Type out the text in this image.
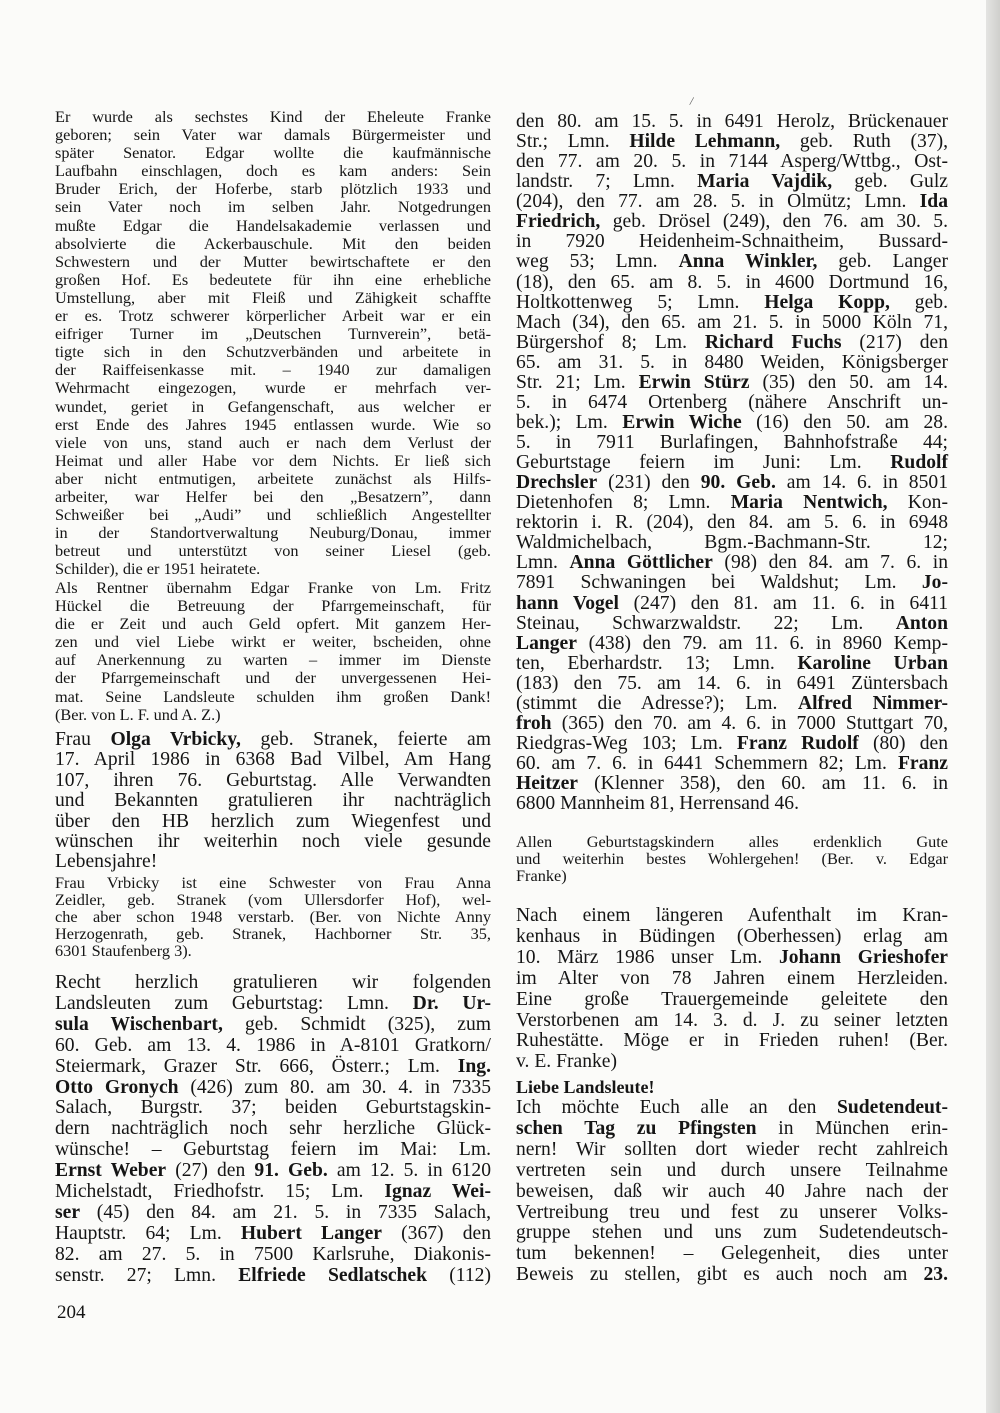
/
Er wurde als sechstes Kind der Eheleute Franke
geboren; sein Vater war damals Bürgermeister und
später Senator. Edgar wollte die kaufmännische
Laufbahn einschlagen, doch es kam anders: Sein
Bruder Erich, der Hoferbe, starb plötzlich 1933 und
sein Vater noch im selben Jahr. Notgedrungen
mußte Edgar die Handelsakademie verlassen und
absolvierte die Ackerbauschule. Mit den beiden
Schwestern und der Mutter bewirtschaftete er den
großen Hof. Es bedeutete für ihn eine erhebliche
Umstellung, aber mit Fleiß und Zähigkeit schaffte
er es. Trotz schwerer körperlicher Arbeit war er ein
eifriger Turner im „Deutschen Turnverein”, betä-
tigte sich in den Schutzverbänden und arbeitete in
der Raiffeisenkasse mit. – 1940 zur damaligen
Wehrmacht eingezogen, wurde er mehrfach ver-
wundet, geriet in Gefangenschaft, aus welcher er
erst Ende des Jahres 1945 entlassen wurde. Wie so
viele von uns, stand auch er nach dem Verlust der
Heimat und aller Habe vor dem Nichts. Er ließ sich
aber nicht entmutigen, arbeitete zunächst als Hilfs-
arbeiter, war Helfer bei den „Besatzern”, dann
Schweißer bei „Audi” und schließlich Angestellter
in der Standortverwaltung Neuburg/Donau, immer
betreut und unterstützt von seiner Liesel (geb.
Schilder), die er 1951 heiratete.
Als Rentner übernahm Edgar Franke von Lm. Fritz
Hückel die Betreuung der Pfarrgemeinschaft, für
die er Zeit und auch Geld opfert. Mit ganzem Her-
zen und viel Liebe wirkt er weiter, bscheiden, ohne
auf Anerkennung zu warten – immer im Dienste
der Pfarrgemeinschaft und der unvergessenen Hei-
mat. Seine Landsleute schulden ihm großen Dank!
(Ber. von L. F. und A. Z.)
Frau Olga Vrbicky, geb. Stranek, feierte am
17. April 1986 in 6368 Bad Vilbel, Am Hang
107, ihren 76. Geburtstag. Alle Verwandten
und Bekannten gratulieren ihr nachträglich
über den HB herzlich zum Wiegenfest und
wünschen ihr weiterhin noch viele gesunde
Lebensjahre!
Frau Vrbicky ist eine Schwester von Frau Anna
Zeidler, geb. Stranek (vom Ullersdorfer Hof), wel-
che aber schon 1948 verstarb. (Ber. von Nichte Anny
Herzogenrath, geb. Stranek, Hachborner Str. 35,
6301 Staufenberg 3).
Recht herzlich gratulieren wir folgenden
Landsleuten zum Geburtstag: Lmn. Dr. Ur-
sula Wischenbart, geb. Schmidt (325), zum
60. Geb. am 13. 4. 1986 in A-8101 Gratkorn/
Steiermark, Grazer Str. 666, Österr.; Lm. Ing.
Otto Gronych (426) zum 80. am 30. 4. in 7335
Salach, Burgstr. 37; beiden Geburtstagskin-
dern nachträglich noch sehr herzliche Glück-
wünsche! – Geburtstag feiern im Mai: Lm.
Ernst Weber (27) den 91. Geb. am 12. 5. in 6120
Michelstadt, Friedhofstr. 15; Lm. Ignaz Wei-
ser (45) den 84. am 21. 5. in 7335 Salach,
Hauptstr. 64; Lm. Hubert Langer (367) den
82. am 27. 5. in 7500 Karlsruhe, Diakonis-
senstr. 27; Lmn. Elfriede Sedlatschek (112)
204
den 80. am 15. 5. in 6491 Herolz, Brückenauer
Str.; Lmn. Hilde Lehmann, geb. Ruth (37),
den 77. am 20. 5. in 7144 Asperg/Wttbg., Ost-
landstr. 7; Lmn. Maria Vajdik, geb. Gulz
(204), den 77. am 28. 5. in Olmütz; Lmn. Ida
Friedrich, geb. Drösel (249), den 76. am 30. 5.
in 7920 Heidenheim-Schnaitheim, Bussard-
weg 53; Lmn. Anna Winkler, geb. Langer
(18), den 65. am 8. 5. in 4600 Dortmund 16,
Holtkottenweg 5; Lmn. Helga Kopp, geb.
Mach (34), den 65. am 21. 5. in 5000 Köln 71,
Bürgershof 8; Lm. Richard Fuchs (217) den
65. am 31. 5. in 8480 Weiden, Königsberger
Str. 21; Lm. Erwin Stürz (35) den 50. am 14.
5. in 6474 Ortenberg (nähere Anschrift un-
bek.); Lm. Erwin Wiche (16) den 50. am 28.
5. in 7911 Burlafingen, Bahnhofstraße 44;
Geburtstage feiern im Juni: Lm. Rudolf
Drechsler (231) den 90. Geb. am 14. 6. in 8501
Dietenhofen 8; Lmn. Maria Nentwich, Kon-
rektorin i. R. (204), den 84. am 5. 6. in 6948
Waldmichelbach, Bgm.-Bachmann-Str. 12;
Lmn. Anna Göttlicher (98) den 84. am 7. 6. in
7891 Schwaningen bei Waldshut; Lm. Jo-
hann Vogel (247) den 81. am 11. 6. in 6411
Steinau, Schwarzwaldstr. 22; Lm. Anton
Langer (438) den 79. am 11. 6. in 8960 Kemp-
ten, Eberhardstr. 13; Lmn. Karoline Urban
(183) den 75. am 14. 6. in 6491 Züntersbach
(stimmt die Adresse?); Lm. Alfred Nimmer-
froh (365) den 70. am 4. 6. in 7000 Stuttgart 70,
Riedgras-Weg 103; Lm. Franz Rudolf (80) den
60. am 7. 6. in 6441 Schemmern 82; Lm. Franz
Heitzer (Klenner 358), den 60. am 11. 6. in
6800 Mannheim 81, Herrensand 46.
Allen Geburtstagskindern alles erdenklich Gute
und weiterhin bestes Wohlergehen! (Ber. v. Edgar
Franke)
Nach einem längeren Aufenthalt im Kran-
kenhaus in Büdingen (Oberhessen) erlag am
10. März 1986 unser Lm. Johann Grieshofer
im Alter von 78 Jahren einem Herzleiden.
Eine große Trauergemeinde geleitete den
Verstorbenen am 14. 3. d. J. zu seiner letzten
Ruhestätte. Möge er in Frieden ruhen! (Ber.
v. E. Franke)
Liebe Landsleute!
Ich möchte Euch alle an den Sudetendeut-
schen Tag zu Pfingsten in München erin-
nern! Wir sollten dort wieder recht zahlreich
vertreten sein und durch unsere Teilnahme
beweisen, daß wir auch 40 Jahre nach der
Vertreibung treu und fest zu unserer Volks-
gruppe stehen und uns zum Sudetendeutsch-
tum bekennen! – Gelegenheit, dies unter
Beweis zu stellen, gibt es auch noch am 23.
